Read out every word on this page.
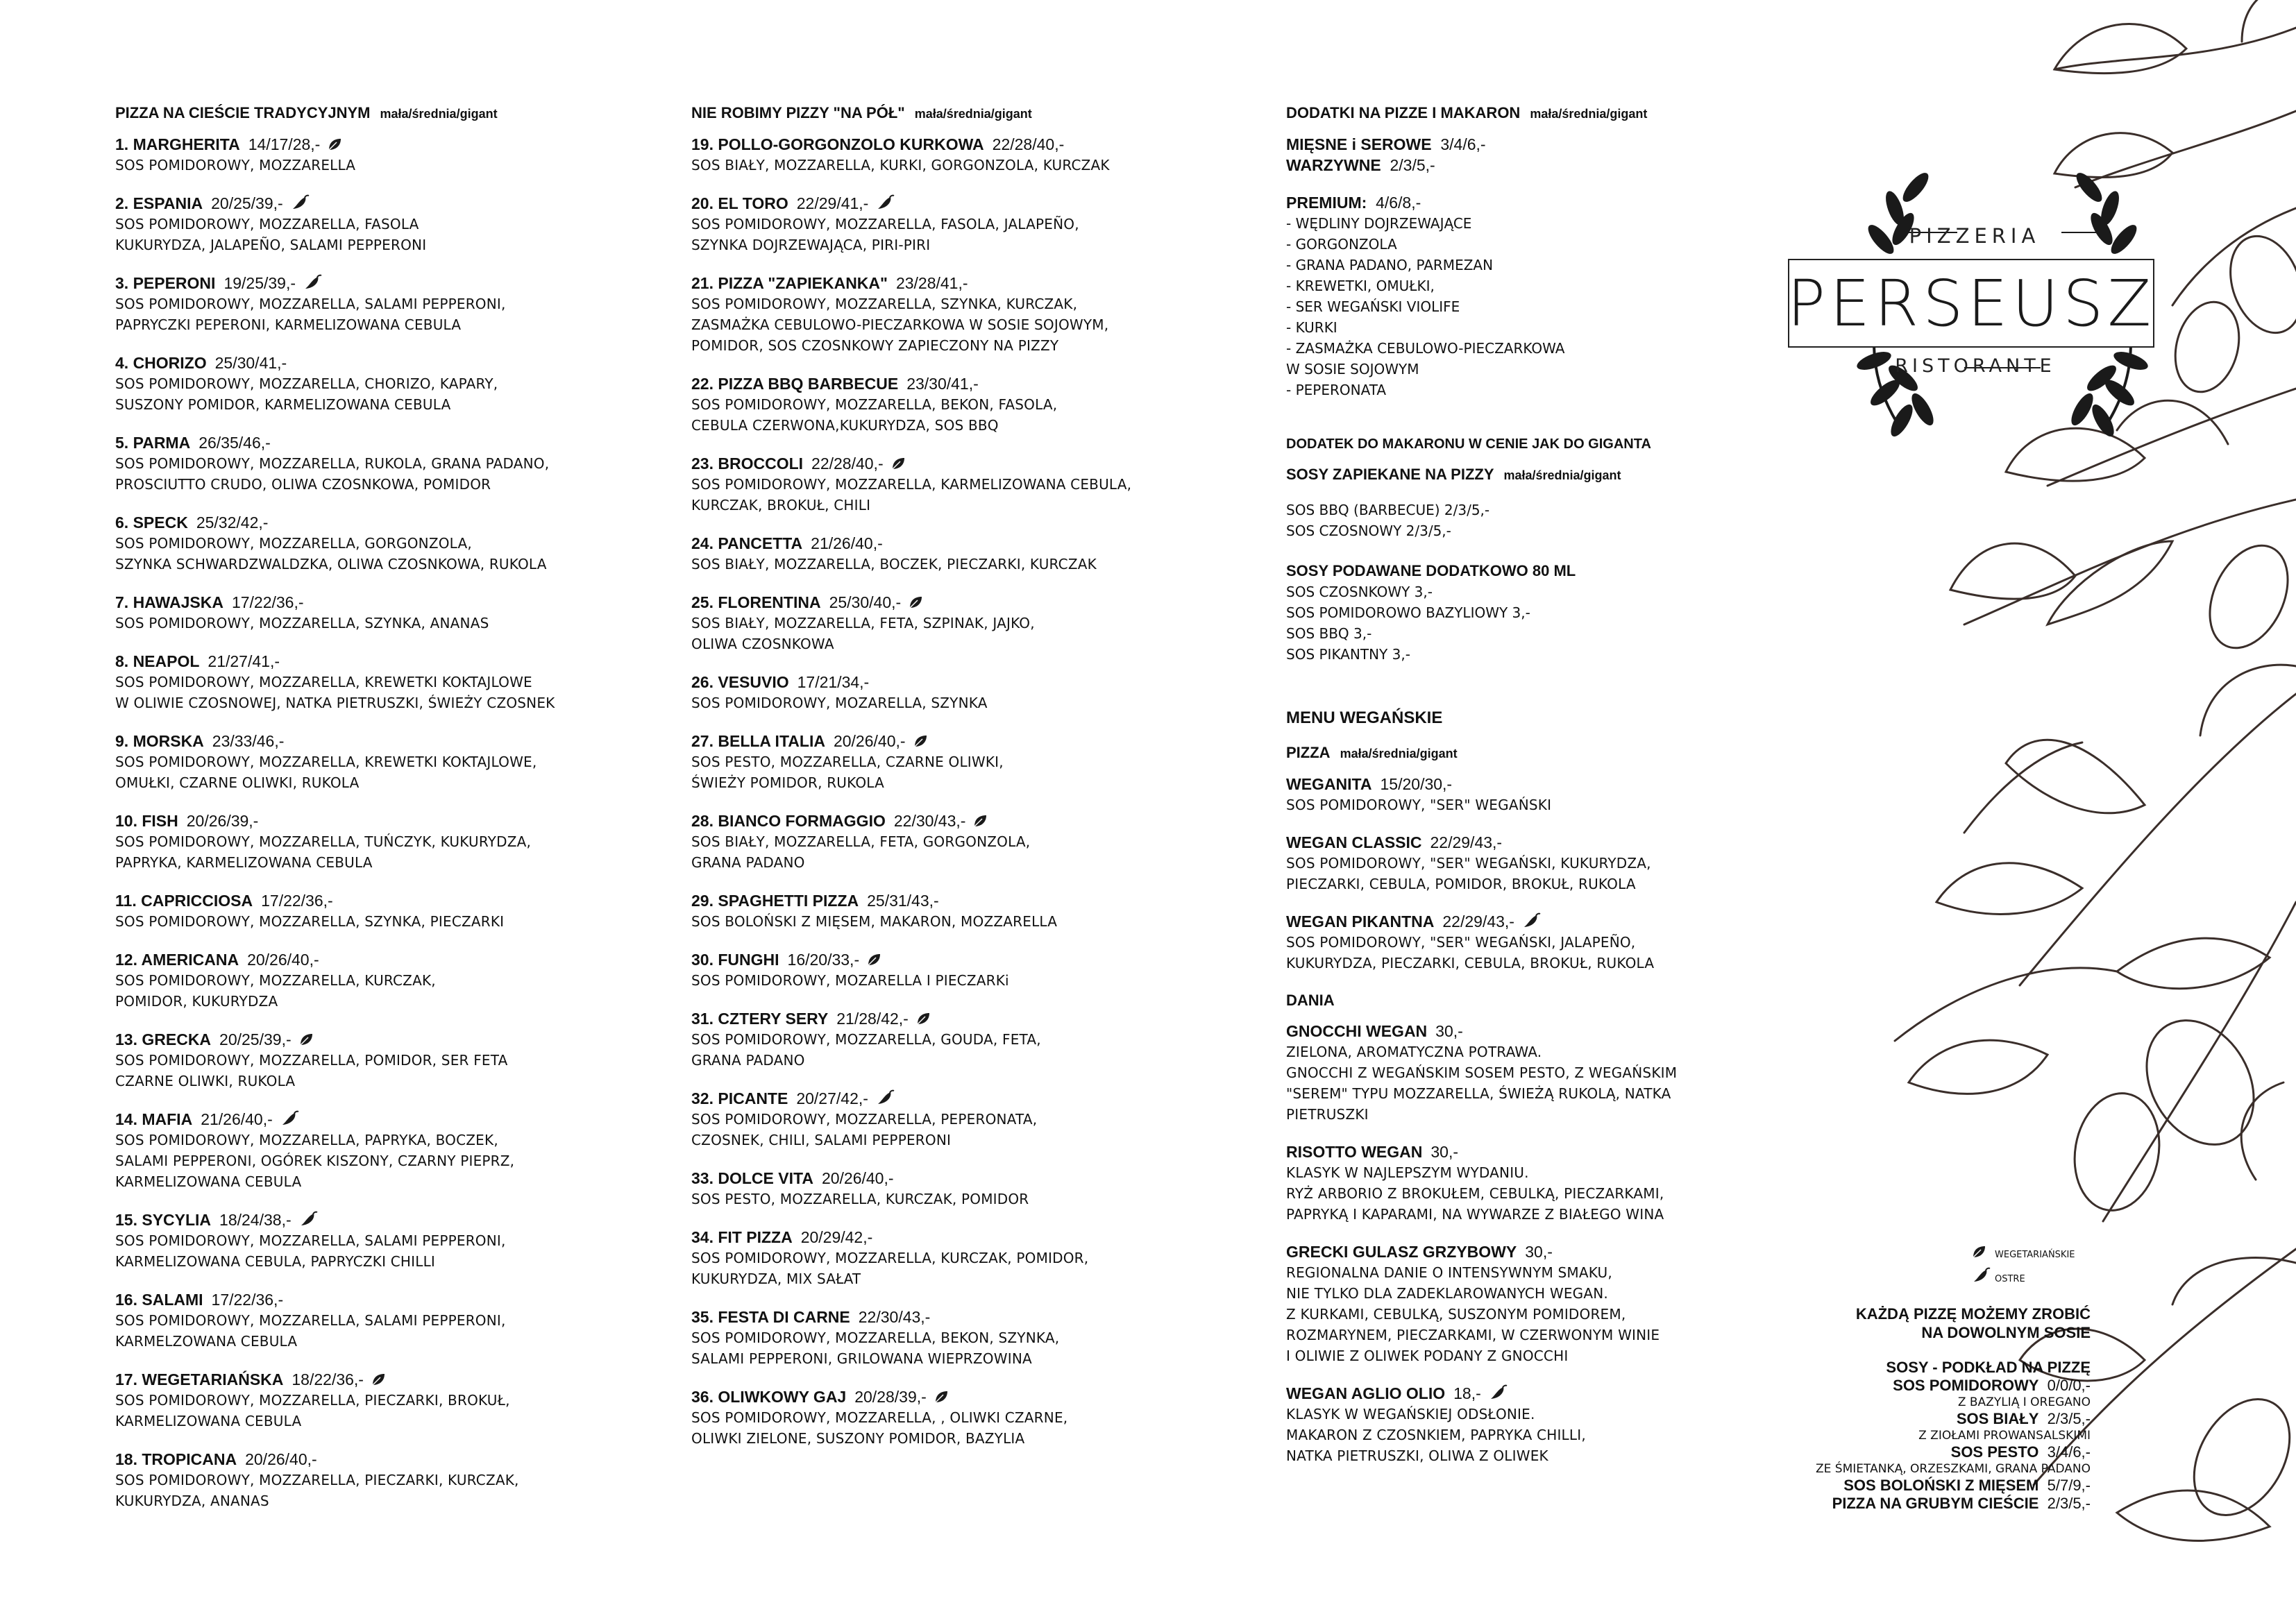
PIZZA NA CIEŚCIE TRADYCYJNYM mała/średnia/gigant
1. MARGHERITA 14/17/28,-
SOS POMIDOROWY, MOZZARELLA
2. ESPANIA 20/25/39,-
SOS POMIDOROWY, MOZZARELLA, FASOLA
KUKURYDZA, JALAPEÑO, SALAMI PEPPERONI
3. PEPERONI 19/25/39,-
SOS POMIDOROWY, MOZZARELLA, SALAMI PEPPERONI,
PAPRYCZKI PEPERONI, KARMELIZOWANA CEBULA
4. CHORIZO 25/30/41,-
SOS POMIDOROWY, MOZZARELLA, CHORIZO, KAPARY,
SUSZONY POMIDOR, KARMELIZOWANA CEBULA
5. PARMA 26/35/46,-
SOS POMIDOROWY, MOZZARELLA, RUKOLA, GRANA PADANO,
PROSCIUTTO CRUDO, OLIWA CZOSNKOWA, POMIDOR
6. SPECK 25/32/42,-
SOS POMIDOROWY, MOZZARELLA, GORGONZOLA,
SZYNKA SCHWARDZWALDZKA, OLIWA CZOSNKOWA, RUKOLA
7. HAWAJSKA 17/22/36,-
SOS POMIDOROWY, MOZZARELLA, SZYNKA, ANANAS
8. NEAPOL 21/27/41,-
SOS POMIDOROWY, MOZZARELLA, KREWETKI KOKTAJLOWE
W OLIWIE CZOSNOWEJ, NATKA PIETRUSZKI, ŚWIEŻY CZOSNEK
9. MORSKA 23/33/46,-
SOS POMIDOROWY, MOZZARELLA, KREWETKI KOKTAJLOWE,
OMUŁKI, CZARNE OLIWKI, RUKOLA
10. FISH 20/26/39,-
SOS POMIDOROWY, MOZZARELLA, TUŃCZYK, KUKURYDZA,
PAPRYKA, KARMELIZOWANA CEBULA
11. CAPRICCIOSA 17/22/36,-
SOS POMIDOROWY, MOZZARELLA, SZYNKA, PIECZARKI
12. AMERICANA 20/26/40,-
SOS POMIDOROWY, MOZZARELLA, KURCZAK,
POMIDOR, KUKURYDZA
13. GRECKA 20/25/39,-
SOS POMIDOROWY, MOZZARELLA, POMIDOR, SER FETA
CZARNE OLIWKI, RUKOLA
14. MAFIA 21/26/40,-
SOS POMIDOROWY, MOZZARELLA, PAPRYKA, BOCZEK,
SALAMI PEPPERONI, OGÓREK KISZONY, CZARNY PIEPRZ,
KARMELIZOWANA CEBULA
15. SYCYLIA 18/24/38,-
SOS POMIDOROWY, MOZZARELLA, SALAMI PEPPERONI,
KARMELIZOWANA CEBULA, PAPRYCZKI CHILLI
16. SALAMI 17/22/36,-
SOS POMIDOROWY, MOZZARELLA, SALAMI PEPPERONI,
KARMELZOWANA CEBULA
17. WEGETARIAŃSKA 18/22/36,-
SOS POMIDOROWY, MOZZARELLA, PIECZARKI, BROKUŁ,
KARMELIZOWANA CEBULA
18. TROPICANA 20/26/40,-
SOS POMIDOROWY, MOZZARELLA, PIECZARKI, KURCZAK,
KUKURYDZA, ANANAS
NIE ROBIMY PIZZY "NA PÓŁ" mała/średnia/gigant
19. POLLO-GORGONZOLO KURKOWA 22/28/40,-
SOS BIAŁY, MOZZARELLA, KURKI, GORGONZOLA, KURCZAK
20. EL TORO 22/29/41,-
SOS POMIDOROWY, MOZZARELLA, FASOLA, JALAPEÑO,
SZYNKA DOJRZEWAJĄCA, PIRI-PIRI
21. PIZZA "ZAPIEKANKA" 23/28/41,-
SOS POMIDOROWY, MOZZARELLA, SZYNKA, KURCZAK,
ZASMAŻKA CEBULOWO-PIECZARKOWA W SOSIE SOJOWYM,
POMIDOR, SOS CZOSNKOWY ZAPIECZONY NA PIZZY
22. PIZZA BBQ BARBECUE 23/30/41,-
SOS POMIDOROWY, MOZZARELLA, BEKON, FASOLA,
CEBULA CZERWONA,KUKURYDZA, SOS BBQ
23. BROCCOLI 22/28/40,-
SOS POMIDOROWY, MOZZARELLA, KARMELIZOWANA CEBULA,
KURCZAK, BROKUŁ, CHILI
24. PANCETTA 21/26/40,-
SOS BIAŁY, MOZZARELLA, BOCZEK, PIECZARKI, KURCZAK
25. FLORENTINA 25/30/40,-
SOS BIAŁY, MOZZARELLA, FETA, SZPINAK, JAJKO,
OLIWA CZOSNKOWA
26. VESUVIO 17/21/34,-
SOS POMIDOROWY, MOZARELLA, SZYNKA
27. BELLA ITALIA 20/26/40,-
SOS PESTO, MOZZARELLA, CZARNE OLIWKI,
ŚWIEŻY POMIDOR, RUKOLA
28. BIANCO FORMAGGIO 22/30/43,-
SOS BIAŁY, MOZZARELLA, FETA, GORGONZOLA,
GRANA PADANO
29. SPAGHETTI PIZZA 25/31/43,-
SOS BOLOŃSKI Z MIĘSEM, MAKARON, MOZZARELLA
30. FUNGHI 16/20/33,-
SOS POMIDOROWY, MOZARELLA I PIECZARKi
31. CZTERY SERY 21/28/42,-
SOS POMIDOROWY, MOZZARELLA, GOUDA, FETA,
GRANA PADANO
32. PICANTE 20/27/42,-
SOS POMIDOROWY, MOZZARELLA, PEPERONATA,
CZOSNEK, CHILI, SALAMI PEPPERONI
33. DOLCE VITA 20/26/40,-
SOS PESTO, MOZZARELLA, KURCZAK, POMIDOR
34. FIT PIZZA 20/29/42,-
SOS POMIDOROWY, MOZZARELLA, KURCZAK, POMIDOR,
KUKURYDZA, MIX SAŁAT
35. FESTA DI CARNE 22/30/43,-
SOS POMIDOROWY, MOZZARELLA, BEKON, SZYNKA,
SALAMI PEPPERONI, GRILOWANA WIEPRZOWINA
36. OLIWKOWY GAJ 20/28/39,-
SOS POMIDOROWY, MOZZARELLA, , OLIWKI CZARNE,
OLIWKI ZIELONE, SUSZONY POMIDOR, BAZYLIA
DODATKI NA PIZZE I MAKARON mała/średnia/gigant
MIĘSNE i SEROWE 3/4/6,-
WARZYWNE 2/3/5,-
PREMIUM: 4/6/8,-
- WĘDLINY DOJRZEWAJĄCE
- GORGONZOLA
- GRANA PADANO, PARMEZAN
- KREWETKI, OMUŁKI,
- SER WEGAŃSKI VIOLIFE
- KURKI
- ZASMAŻKA CEBULOWO-PIECZARKOWA
W SOSIE SOJOWYM
- PEPERONATA
DODATEK DO MAKARONU W CENIE JAK DO GIGANTA
SOSY ZAPIEKANE NA PIZZY mała/średnia/gigant
SOS BBQ (BARBECUE) 2/3/5,-
SOS CZOSNOWY 2/3/5,-
SOSY PODAWANE DODATKOWO 80 ML
SOS CZOSNKOWY 3,-
SOS POMIDOROWO BAZYLIOWY 3,-
SOS BBQ 3,-
SOS PIKANTNY 3,-
MENU WEGAŃSKIE
PIZZA mała/średnia/gigant
WEGANITA 15/20/30,-
SOS POMIDOROWY, "SER" WEGAŃSKI
WEGAN CLASSIC 22/29/43,-
SOS POMIDOROWY, "SER" WEGAŃSKI, KUKURYDZA,
PIECZARKI, CEBULA, POMIDOR, BROKUŁ, RUKOLA
WEGAN PIKANTNA 22/29/43,-
SOS POMIDOROWY, "SER" WEGAŃSKI, JALAPEÑO,
KUKURYDZA, PIECZARKI, CEBULA, BROKUŁ, RUKOLA
DANIA
GNOCCHI WEGAN 30,-
ZIELONA, AROMATYCZNA POTRAWA.
GNOCCHI Z WEGAŃSKIM SOSEM PESTO, Z WEGAŃSKIM
"SEREM" TYPU MOZZARELLA, ŚWIEŻĄ RUKOLĄ, NATKA
PIETRUSZKI
RISOTTO WEGAN 30,-
KLASYK W NAJLEPSZYM WYDANIU.
RYŻ ARBORIO Z BROKUŁEM, CEBULKĄ, PIECZARKAMI,
PAPRYKĄ I KAPARAMI, NA WYWARZE Z BIAŁEGO WINA
GRECKI GULASZ GRZYBOWY 30,-
REGIONALNA DANIE O INTENSYWNYM SMAKU,
NIE TYLKO DLA ZADEKLAROWANYCH WEGAN.
Z KURKAMI, CEBULKĄ, SUSZONYM POMIDOREM,
ROZMARYNEM, PIECZARKAMI, W CZERWONYM WINIE
I OLIWIE Z OLIWEK PODANY Z GNOCCHI
WEGAN AGLIO OLIO 18,-
KLASYK W WEGAŃSKIEJ ODSŁONIE.
MAKARON Z CZOSNKIEM, PAPRYKA CHILLI,
NATKA PIETRUSZKI, OLIWA Z OLIWEK
PIZZERIA
PERSEUSZ
RISTORANTE
WEGETARIAŃSKIE
OSTRE
KAŻDĄ PIZZĘ MOŻEMY ZROBIĆ
NA DOWOLNYM SOSIE
SOSY - PODKŁAD NA PIZZĘ
SOS POMIDOROWY 0/0/0,-
Z BAZYLIĄ I OREGANO
SOS BIAŁY 2/3/5,-
Z ZIOŁAMI PROWANSALSKIMI
SOS PESTO 3/4/6,-
ZE ŚMIETANKĄ, ORZESZKAMI, GRANA PADANO
SOS BOLOŃSKI Z MIĘSEM 5/7/9,-
PIZZA NA GRUBYM CIEŚCIE 2/3/5,-
